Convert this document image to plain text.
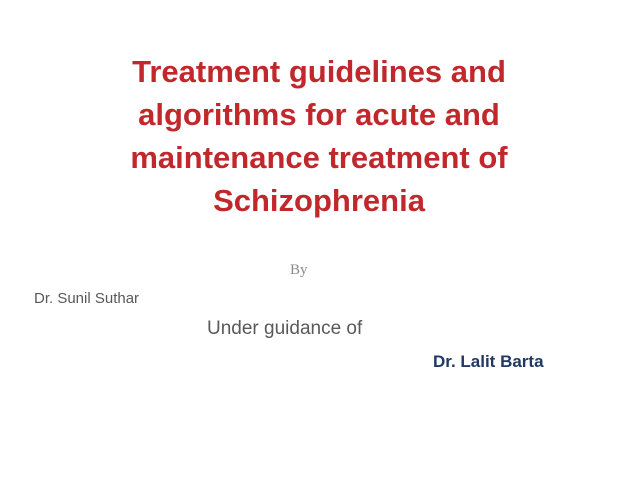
Treatment guidelines and
algorithms for acute and
maintenance treatment of
Schizophrenia
By
Dr. Sunil Suthar
Under guidance of
Dr. Lalit Barta
